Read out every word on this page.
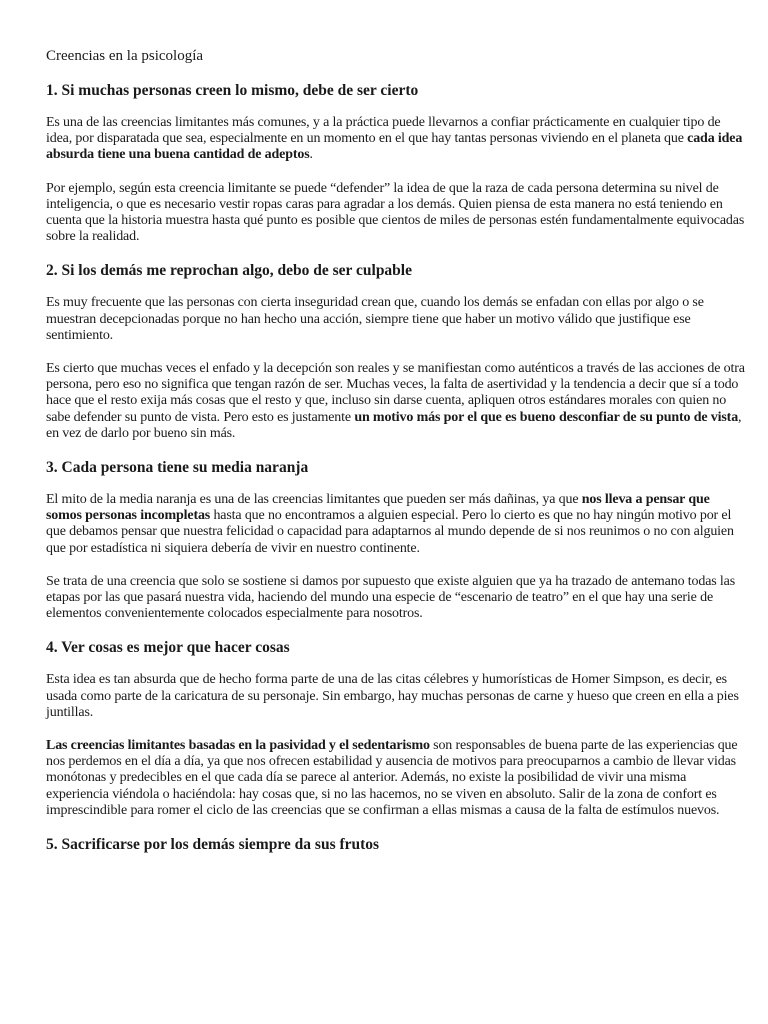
Creencias en la psicología
1. Si muchas personas creen lo mismo, debe de ser cierto

Es una de las creencias limitantes más comunes, y a la práctica puede llevarnos a confiar prácticamente en cualquier tipo de idea, por disparatada que sea, especialmente en un momento en el que hay tantas personas viviendo en el planeta que cada idea absurda tiene una buena cantidad de adeptos.

Por ejemplo, según esta creencia limitante se puede “defender” la idea de que la raza de cada persona determina su nivel de inteligencia, o que es necesario vestir ropas caras para agradar a los demás. Quien piensa de esta manera no está teniendo en cuenta que la historia muestra hasta qué punto es posible que cientos de miles de personas estén fundamentalmente equivocadas sobre la realidad.

2. Si los demás me reprochan algo, debo de ser culpable

Es muy frecuente que las personas con cierta inseguridad crean que, cuando los demás se enfadan con ellas por algo o se muestran decepcionadas porque no han hecho una acción, siempre tiene que haber un motivo válido que justifique ese sentimiento.

Es cierto que muchas veces el enfado y la decepción son reales y se manifiestan como auténticos a través de las acciones de otra persona, pero eso no significa que tengan razón de ser. Muchas veces, la falta de asertividad y la tendencia a decir que sí a todo hace que el resto exija más cosas que el resto y que, incluso sin darse cuenta, apliquen otros estándares morales con quien no sabe defender su punto de vista. Pero esto es justamente un motivo más por el que es bueno desconfiar de su punto de vista, en vez de darlo por bueno sin más.

3. Cada persona tiene su media naranja

El mito de la media naranja es una de las creencias limitantes que pueden ser más dañinas, ya que nos lleva a pensar que somos personas incompletas hasta que no encontramos a alguien especial. Pero lo cierto es que no hay ningún motivo por el que debamos pensar que nuestra felicidad o capacidad para adaptarnos al mundo depende de si nos reunimos o no con alguien que por estadística ni siquiera debería de vivir en nuestro continente.

Se trata de una creencia que solo se sostiene si damos por supuesto que existe alguien que ya ha trazado de antemano todas las etapas por las que pasará nuestra vida, haciendo del mundo una especie de “escenario de teatro” en el que hay una serie de elementos convenientemente colocados especialmente para nosotros.

4. Ver cosas es mejor que hacer cosas

Esta idea es tan absurda que de hecho forma parte de una de las citas célebres y humorísticas de Homer Simpson, es decir, es usada como parte de la caricatura de su personaje. Sin embargo, hay muchas personas de carne y hueso que creen en ella a pies juntillas.

Las creencias limitantes basadas en la pasividad y el sedentarismo son responsables de buena parte de las experiencias que nos perdemos en el día a día, ya que nos ofrecen estabilidad y ausencia de motivos para preocuparnos a cambio de llevar vidas monótonas y predecibles en el que cada día se parece al anterior. Además, no existe la posibilidad de vivir una misma experiencia viéndola o haciéndola: hay cosas que, si no las hacemos, no se viven en absoluto. Salir de la zona de confort es imprescindible para romer el ciclo de las creencias que se confirman a ellas mismas a causa de la falta de estímulos nuevos.

5. Sacrificarse por los demás siempre da sus frutos
